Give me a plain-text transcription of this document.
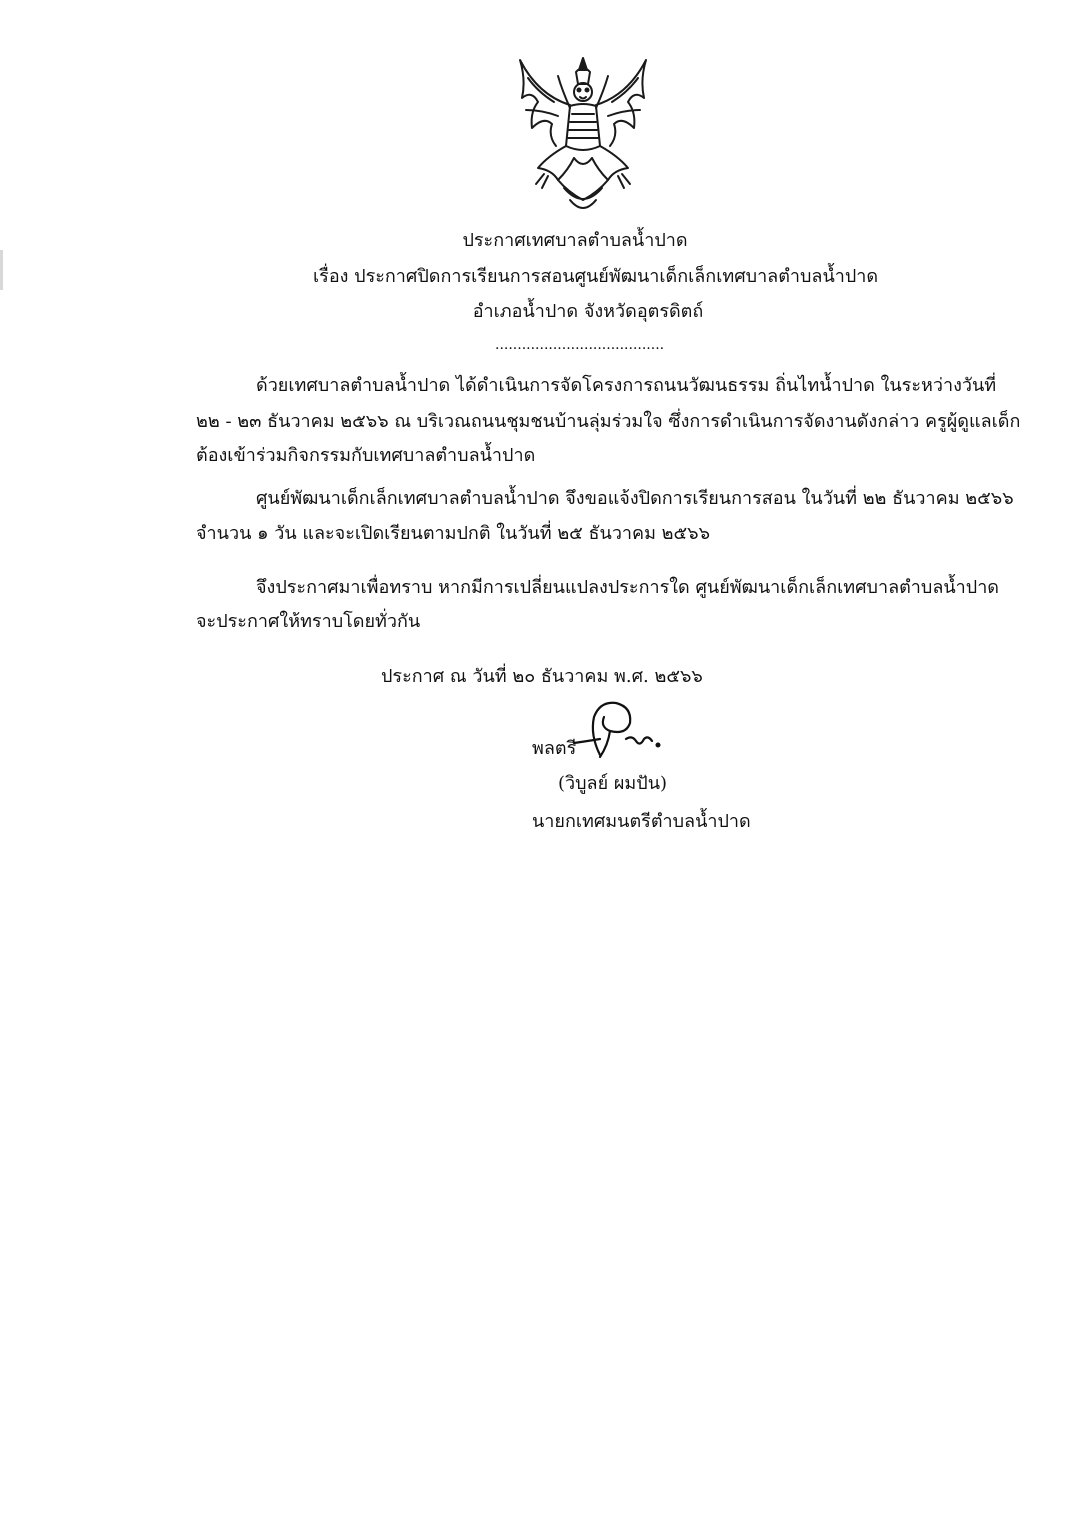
ประกาศเทศบาลตำบลน้ำปาด
เรื่อง ประกาศปิดการเรียนการสอนศูนย์พัฒนาเด็กเล็กเทศบาลตำบลน้ำปาด
อำเภอน้ำปาด จังหวัดอุตรดิตถ์
......................................
ด้วยเทศบาลตำบลน้ำปาด ได้ดำเนินการจัดโครงการถนนวัฒนธรรม ถิ่นไทน้ำปาด ในระหว่างวันที่
๒๒ - ๒๓ ธันวาคม ๒๕๖๖ ณ บริเวณถนนชุมชนบ้านลุ่มร่วมใจ ซึ่งการดำเนินการจัดงานดังกล่าว ครูผู้ดูแลเด็ก
ต้องเข้าร่วมกิจกรรมกับเทศบาลตำบลน้ำปาด
ศูนย์พัฒนาเด็กเล็กเทศบาลตำบลน้ำปาด จึงขอแจ้งปิดการเรียนการสอน ในวันที่ ๒๒ ธันวาคม ๒๕๖๖
จำนวน ๑ วัน และจะเปิดเรียนตามปกติ ในวันที่ ๒๕ ธันวาคม ๒๕๖๖
จึงประกาศมาเพื่อทราบ หากมีการเปลี่ยนแปลงประการใด ศูนย์พัฒนาเด็กเล็กเทศบาลตำบลน้ำปาด
จะประกาศให้ทราบโดยทั่วกัน
ประกาศ ณ วันที่ ๒๐ ธันวาคม พ.ศ. ๒๕๖๖
พลตรี
(วิบูลย์ ผมปัน)
นายกเทศมนตรีตำบลน้ำปาด
